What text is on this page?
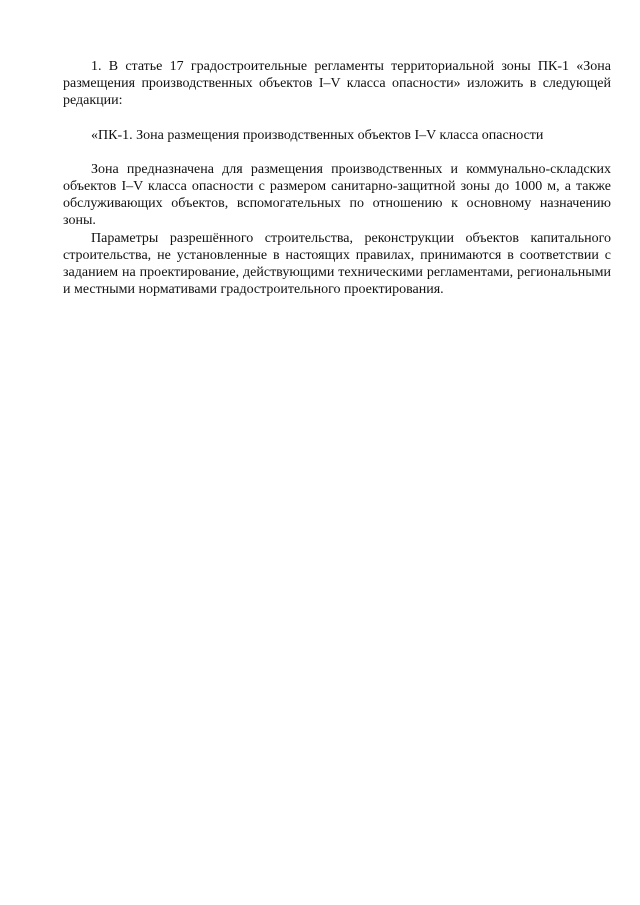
1. В статье 17 градостроительные регламенты территориальной зоны ПК-1 «Зона размещения производственных объектов I–V класса опасности» изложить в следующей редакции:

«ПК-1. Зона размещения производственных объектов I–V класса опасности

Зона предназначена для размещения производственных и коммунально-складских объектов I–V класса опасности с размером санитарно-защитной зоны до 1000 м, а также обслуживающих объектов, вспомогательных по отношению к основному назначению зоны.

Параметры разрешённого строительства, реконструкции объектов капитального строительства, не установленные в настоящих правилах, принимаются в соответствии с заданием на проектирование, действующими техническими регламентами, региональными и местными нормативами градостроительного проектирования.
